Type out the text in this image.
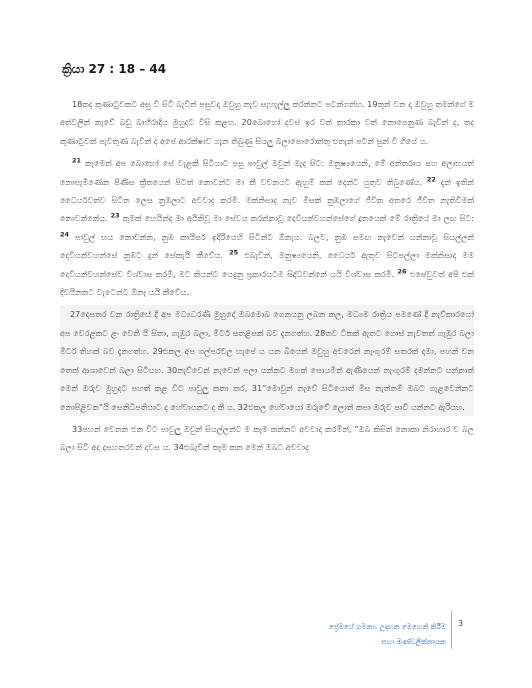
ක්‍රියා 27 : 18 – 44

18තද කුණාටුවකට අසු වී සිටි බැවින් පසුවදා ඔවුහු නැව සැහැල්ලු කරන්නට පටන්ගත්හ. 19තුන් වන දා ඔවුහු තමන්ගේ ම අත්වලින් නැවේ බඩු බාහිරාදිය මුහුදට විසි කළහ. 20බොහෝ දවස් ඉර වත් තාරකා වත් නොපෙනුණ බැවින් ද, තද කුණාටුවක් පැවතුණ බැවින් ද අපේ ආරක්ෂාව ගැන තිබුණු සියලු බලාපොරොත්තු එතැන් පටන් සුන් වී ගියේ ය.

$^{21}$ කෑමෙන් අප බොහෝ සේ වැළකී සිටියාට පසු පාවුල් ඔවුන් මැද සිට: මනුෂ්‍යයෙනි, මේ අන්තරාය සහ අලාභයත් නොපැමිණෙන පිණිස ක්‍රීතයෙන් පිටත් නොවන්ට මා කී වචනයට ඇහුම් කන් දෙන්ට යුතුව තිබුණේය. $^{22}$ දැන් ඉතින් ධෛර්යවත්ව සිටින ලෙස නුඹලාට අවවාද කරමි. මක්නිසාද නැව මිසක් නුඹලාගේ ජීවිත අතරෙ ජීවිත නැතිවීමක් නොවන්නේය. $^{23}$ කුමක් හෙයින්ද මා අයිතිවූ මා සේවය කරන්නාවූ දෙවියන්වහන්සේගේ දූතයෙක් මේ රාත්‍රියේ මා ලඟ සිට: $^{24}$ පාවුල් භය නොවන්න, නුඹ කායිසර් ඉදිරියෙහි සිටින්ට ඕනැය. බලව, නුඹ සමඟ නැවෙන් යන්නාවූ සියල්ලන් දෙවියන්වහන්සේ නුඹට දුන් සේකැයි කීවේය. $^{25}$ එබැවින්, මනුෂ්‍යයෙනි, ධෛර්ය ඇතුව සිටපල්ලා මක්නිසාද මම දෙවියන්වහන්සේව විශ්වාස කරමි, මට කියන්ට යෙදුනු ප්‍රකාරයටම සිද්ධවන්නේ යයි විශ්වාස කරමි. $^{26}$ එසේවුවත් අපි එක් දිවයිනකට වැටෙන්ට ඕනෑ යයි කීවේය.

27දෙසතර වන රාත්‍රියේ දී අප මධ්‍යධරණී මුහුදේ ඔබමොබ ගෙනයනු ලබන කල, මධ්‍යම රාත්‍රිය පමණේ දී නැව්කාරයෝ අප වෙරළකට ළං වෙති යි සිතා, ගැඹුර බලා, මීටර් සතළිසක් බව දැනගත්හ. 28තව ටිකක් ඇතට ගොස් නැවතත් ගැඹුර බලා මීටර් තිහක් බව දැනගත්හ. 29එකල අප ගල්පරවල හැපේ ය යන බියෙන් ඔවුහු අවරෙන් නැංගුරම් සතරක් දමා, පහන් වන තෙක් ආශාවෙන් බලා සිටියහ. 30නැව්වෙන් නැවෙන් පලා යන්නට මගක් සොයමින් ඇණියෙන් නැංගුරම් දමන්නට යන්නාක් මෙන් ඔරුව මුහුදට පහත් කළ විට පාවුලු කතා කර, 31“මොවුන් නැවේ සිටියොත් මිස නැත්නම් ඔබට ගැළවෙන්නට නොපිළිවන”යි සෙනිධිපතියාට ද හේවායනට ද කී ය. 32එකල හේවායෝ ඔරුවේ ලොන් කපා ඔරුව පාවී යන්නට ඇරියහ.

33පහන් වෙනන එන විට පාවුලු ඔවුන් සියල්ලන්ට ම කෑම කන්නට අවවාද කරමින්, “ඔබ කිසිත් නොකා නිරාහාර ව බල බලා සිටි අද දසහතරවන් දවස ය. 34එබැවින් කෑම කන මෙන් ඔබට අවවාද

ප්‍රේමයේ ගමනා: උදාහන මෙහෙනි කිරීම
සහා මණ්ඩලීක්නායක
3
